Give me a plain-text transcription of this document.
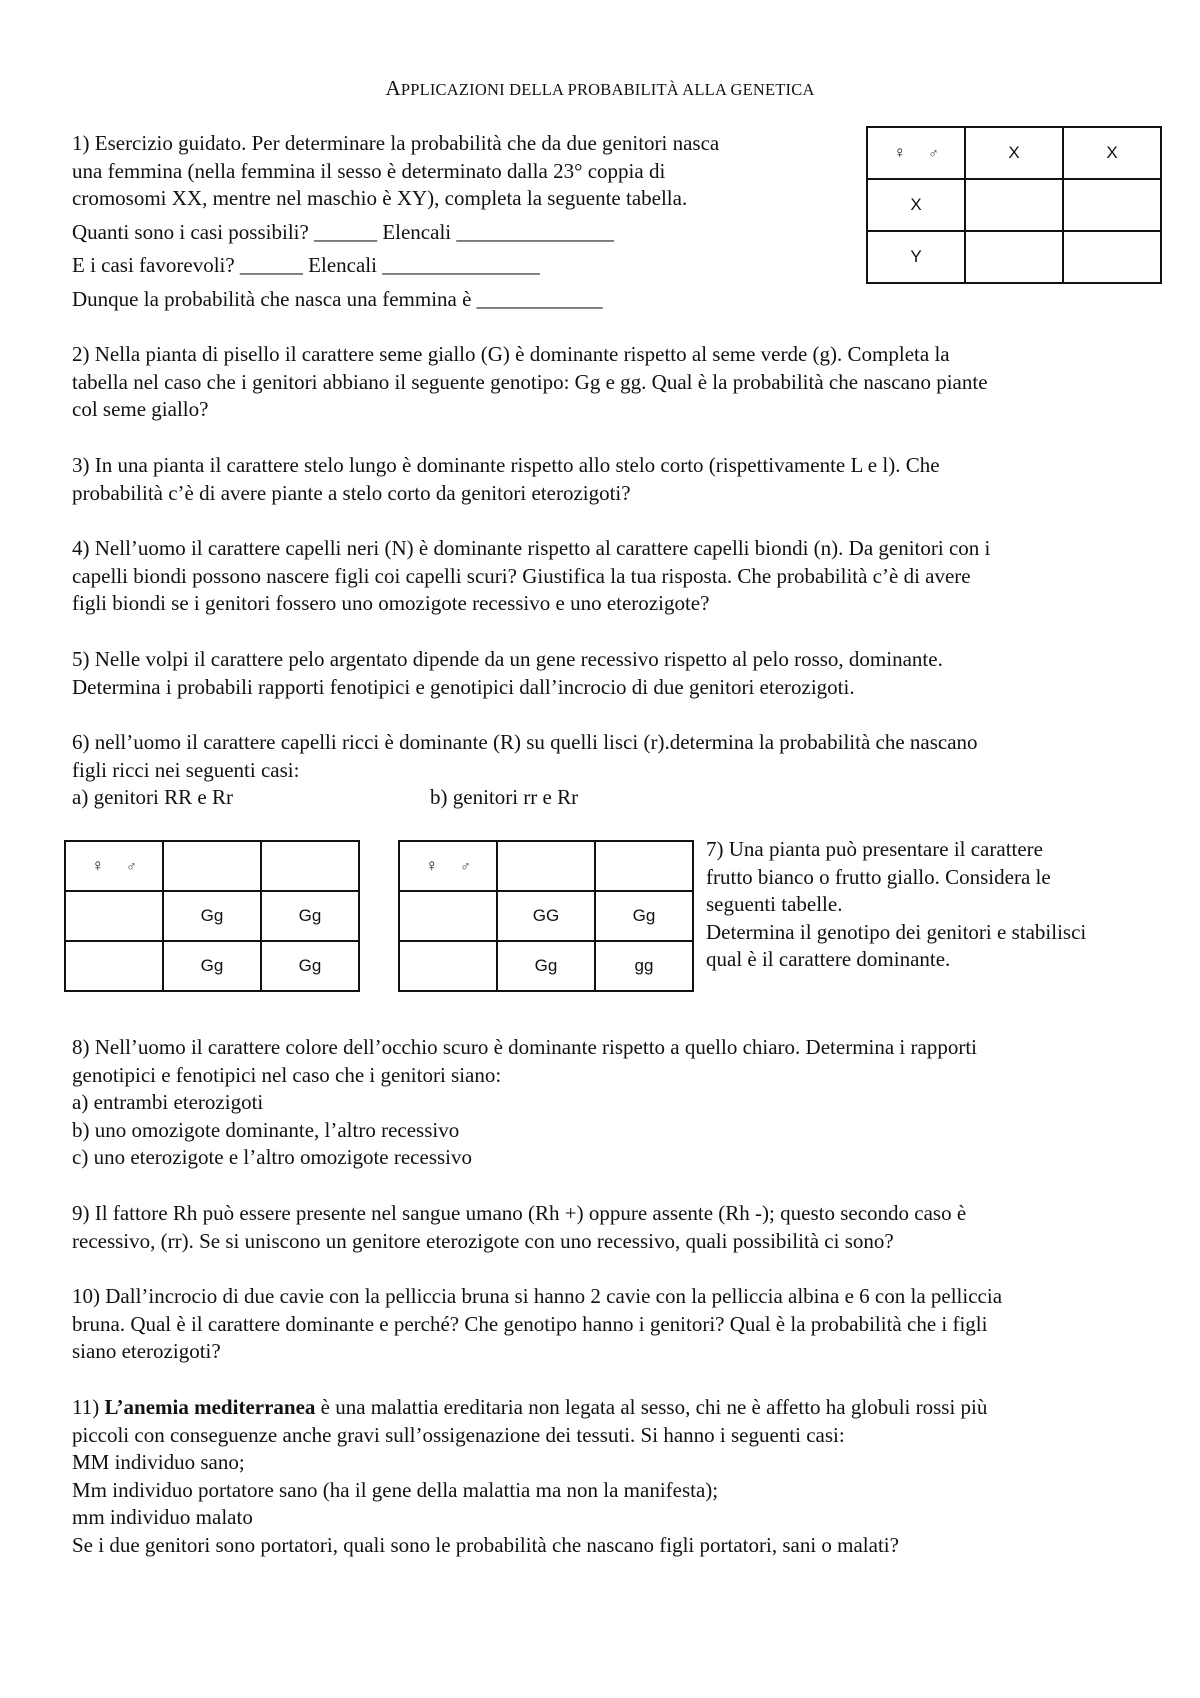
APPLICAZIONI DELLA PROBABILITÀ ALLA GENETICA

1) Esercizio guidato. Per determinare la probabilità che da due genitori nasca

una femmina (nella femmina il sesso è determinato dalla 23° coppia di

cromosomi XX, mentre nel maschio è XY), completa la seguente tabella.

Quanti sono i casi possibili? ______ Elencali _______________

E i casi favorevoli? ______ Elencali _______________

Dunque la probabilità che nasca una femmina è ____________

♀ ♂	X	X
X		
Y		

2) Nella pianta di pisello il carattere seme giallo (G) è dominante rispetto al seme verde (g). Completa la

tabella nel caso che i genitori abbiano il seguente genotipo: Gg e gg. Qual è la probabilità che nascano piante

col seme giallo?

3) In una pianta il carattere stelo lungo è dominante rispetto allo stelo corto (rispettivamente L e l). Che

probabilità c’è di avere piante a stelo corto da genitori eterozigoti?

4) Nell’uomo il carattere capelli neri (N) è dominante rispetto al carattere capelli biondi (n). Da genitori con i

capelli biondi possono nascere figli coi capelli scuri? Giustifica la tua risposta. Che probabilità c’è di avere

figli biondi se i genitori fossero uno omozigote recessivo e uno eterozigote?

5) Nelle volpi il carattere pelo argentato dipende da un gene recessivo rispetto al pelo rosso, dominante.

Determina i probabili rapporti fenotipici e genotipici dall’incrocio di due genitori eterozigoti.

6) nell’uomo il carattere capelli ricci è dominante (R) su quelli lisci (r).determina la probabilità che nascano

figli ricci nei seguenti casi:

a) genitori RR e Rr	b) genitori rr e Rr
♀ ♂		
	Gg	Gg
	Gg	Gg
♀ ♂		
	GG	Gg
	Gg	gg

7) Una pianta può presentare il carattere

frutto bianco o frutto giallo. Considera le

seguenti tabelle.

Determina il genotipo dei genitori e stabilisci

qual è il carattere dominante.

8) Nell’uomo il carattere colore dell’occhio scuro è dominante rispetto a quello chiaro. Determina i rapporti

genotipici e fenotipici nel caso che i genitori siano:

a) entrambi eterozigoti

b) uno omozigote dominante, l’altro recessivo

c) uno eterozigote e l’altro omozigote recessivo

9) Il fattore Rh può essere presente nel sangue umano (Rh +) oppure assente (Rh -); questo secondo caso è

recessivo, (rr). Se si uniscono un genitore eterozigote con uno recessivo, quali possibilità ci sono?

10) Dall’incrocio di due cavie con la pelliccia bruna si hanno 2 cavie con la pelliccia albina e 6 con la pelliccia

bruna. Qual è il carattere dominante e perché? Che genotipo hanno i genitori? Qual è la probabilità che i figli

siano eterozigoti?

11) L’anemia mediterranea è una malattia ereditaria non legata al sesso, chi ne è affetto ha globuli rossi più

piccoli con conseguenze anche gravi sull’ossigenazione dei tessuti. Si hanno i seguenti casi:

MM individuo sano;

Mm individuo portatore sano (ha il gene della malattia ma non la manifesta);

mm individuo malato

Se i due genitori sono portatori, quali sono le probabilità che nascano figli portatori, sani o malati?
